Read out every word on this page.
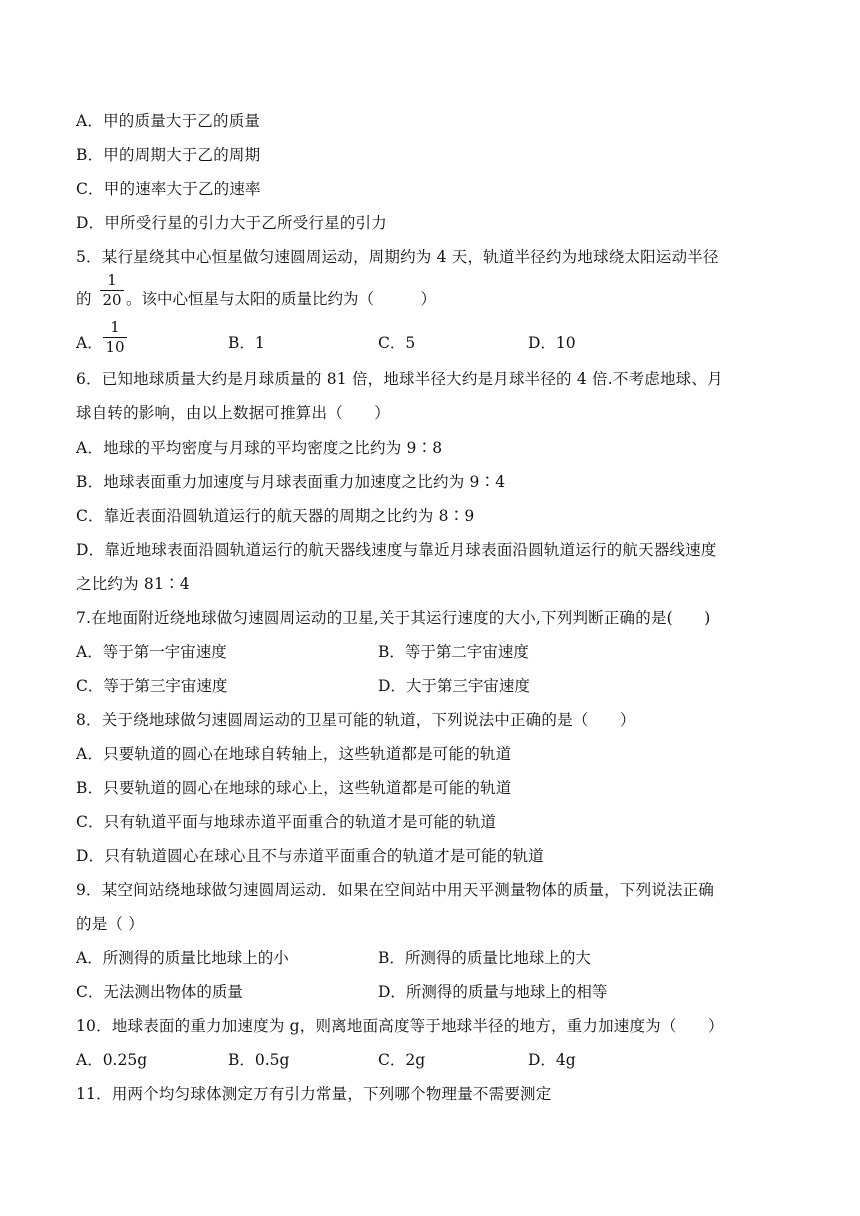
A．甲的质量大于乙的质量
B．甲的周期大于乙的周期
C．甲的速率大于乙的速率
D．甲所受行星的引力大于乙所受行星的引力
5．某行星绕其中心恒星做匀速圆周运动，周期约为 4 天，轨道半径约为地球绕太阳运动半径
的
1
20 。该中心恒星与太阳的质量比约为（　　　）
A．
1
10	B．1	C．5	D．10
6．已知地球质量大约是月球质量的 81 倍，地球半径大约是月球半径的 4 倍.不考虑地球、月
球自转的影响，由以上数据可推算出（　　）
A．地球的平均密度与月球的平均密度之比约为 9∶8
B．地球表面重力加速度与月球表面重力加速度之比约为 9∶4
C．靠近表面沿圆轨道运行的航天器的周期之比约为 8∶9
D．靠近地球表面沿圆轨道运行的航天器线速度与靠近月球表面沿圆轨道运行的航天器线速度
之比约为 81∶4
7.在地面附近绕地球做匀速圆周运动的卫星,关于其运行速度的大小,下列判断正确的是(　　)
A．等于第一宇宙速度	B．等于第二宇宙速度
C．等于第三宇宙速度	D．大于第三宇宙速度
8．关于绕地球做匀速圆周运动的卫星可能的轨道，下列说法中正确的是（　　）
A．只要轨道的圆心在地球自转轴上，这些轨道都是可能的轨道
B．只要轨道的圆心在地球的球心上，这些轨道都是可能的轨道
C．只有轨道平面与地球赤道平面重合的轨道才是可能的轨道
D．只有轨道圆心在球心且不与赤道平面重合的轨道才是可能的轨道
9．某空间站绕地球做匀速圆周运动．如果在空间站中用天平测量物体的质量，下列说法正确
的是（ ）
A．所测得的质量比地球上的小	B．所测得的质量比地球上的大
C．无法测出物体的质量	D．所测得的质量与地球上的相等
10．地球表面的重力加速度为 g，则离地面高度等于地球半径的地方，重力加速度为（　　）
A．0.25g	B．0.5g	C．2g	D．4g
11．用两个均匀球体测定万有引力常量，下列哪个物理量不需要测定
